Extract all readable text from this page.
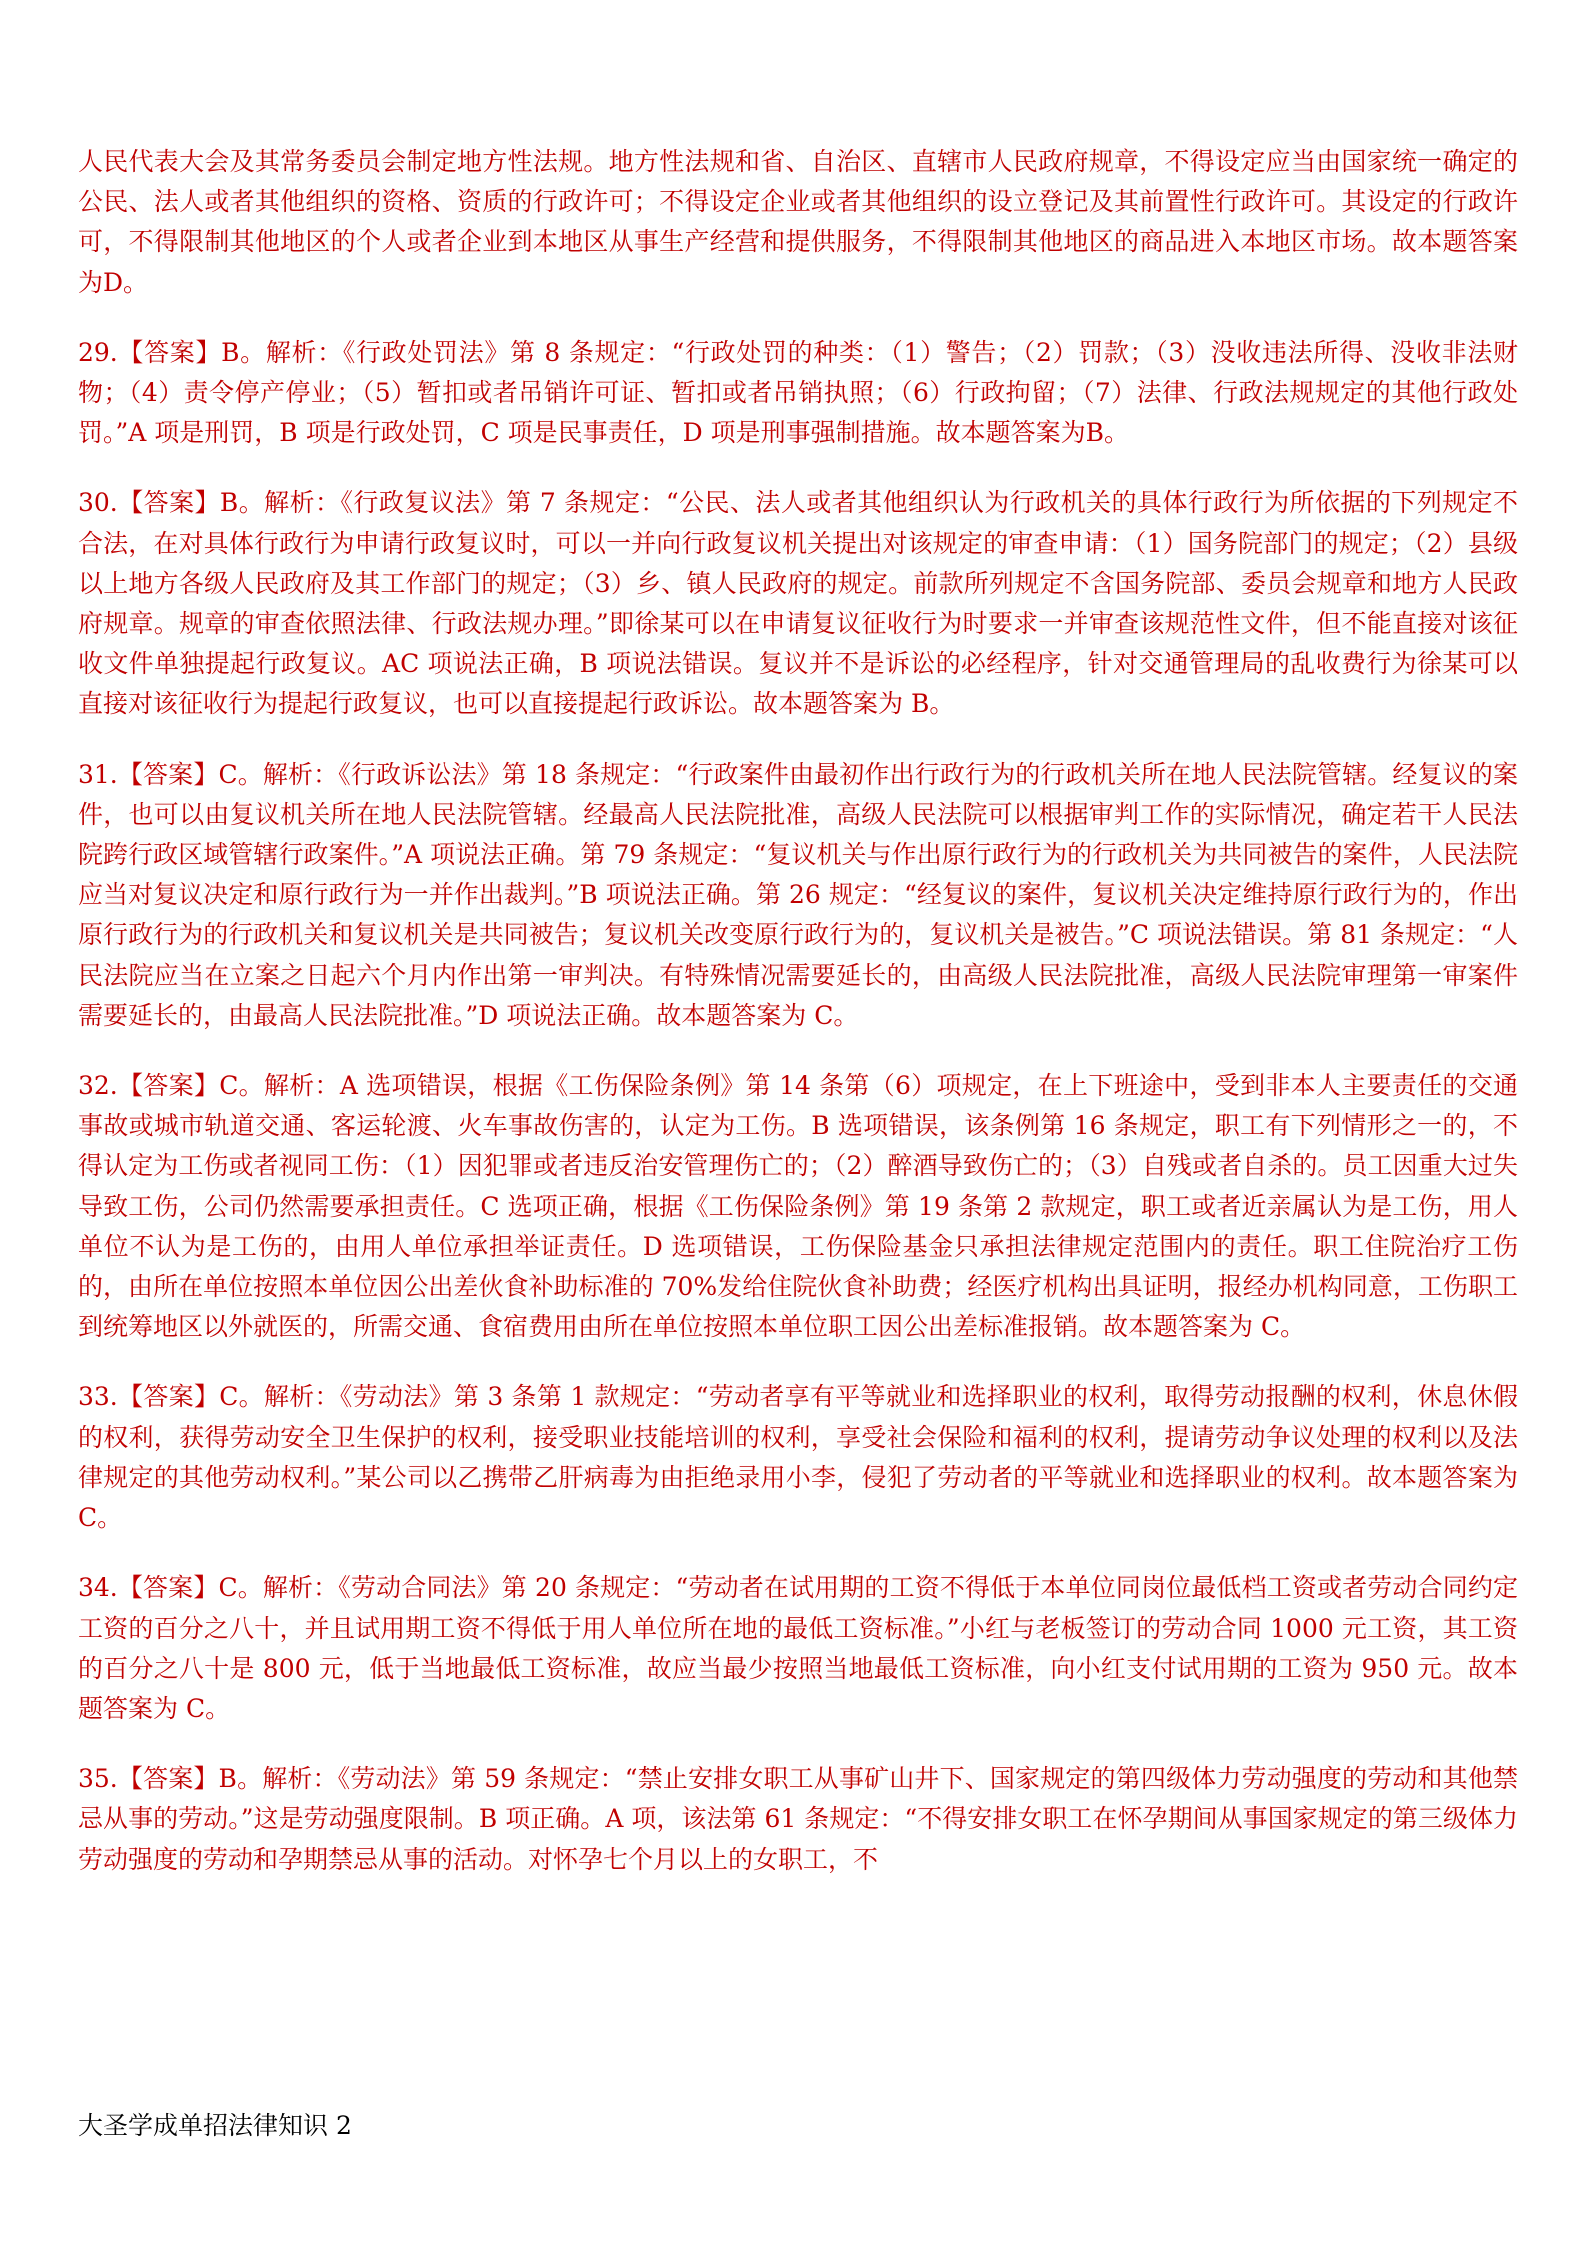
人民代表大会及其常务委员会制定地方性法规。地方性法规和省、自治区、直辖市人民政府规章，不得设定应当由国家统一确定的公民、法人或者其他组织的资格、资质的行政许可；不得设定企业或者其他组织的设立登记及其前置性行政许可。其设定的行政许可，不得限制其他地区的个人或者企业到本地区从事生产经营和提供服务，不得限制其他地区的商品进入本地区市场。故本题答案为D。

29.【答案】B。解析：《行政处罚法》第 8 条规定：“行政处罚的种类：（1）警告；（2）罚款；（3）没收违法所得、没收非法财物；（4）责令停产停业；（5）暂扣或者吊销许可证、暂扣或者吊销执照；（6）行政拘留；（7）法律、行政法规规定的其他行政处罚。”A 项是刑罚，B 项是行政处罚，C 项是民事责任，D 项是刑事强制措施。故本题答案为B。

30.【答案】B。解析：《行政复议法》第 7 条规定：“公民、法人或者其他组织认为行政机关的具体行政行为所依据的下列规定不合法，在对具体行政行为申请行政复议时，可以一并向行政复议机关提出对该规定的审查申请：（1）国务院部门的规定；（2）县级以上地方各级人民政府及其工作部门的规定；（3）乡、镇人民政府的规定。前款所列规定不含国务院部、委员会规章和地方人民政府规章。规章的审查依照法律、行政法规办理。”即徐某可以在申请复议征收行为时要求一并审查该规范性文件，但不能直接对该征收文件单独提起行政复议。AC 项说法正确，B 项说法错误。复议并不是诉讼的必经程序，针对交通管理局的乱收费行为徐某可以直接对该征收行为提起行政复议，也可以直接提起行政诉讼。故本题答案为 B。

31.【答案】C。解析：《行政诉讼法》第 18 条规定：“行政案件由最初作出行政行为的行政机关所在地人民法院管辖。经复议的案件，也可以由复议机关所在地人民法院管辖。经最高人民法院批准，高级人民法院可以根据审判工作的实际情况，确定若干人民法院跨行政区域管辖行政案件。”A 项说法正确。第 79 条规定：“复议机关与作出原行政行为的行政机关为共同被告的案件，人民法院应当对复议决定和原行政行为一并作出裁判。”B 项说法正确。第 26 规定：“经复议的案件，复议机关决定维持原行政行为的，作出原行政行为的行政机关和复议机关是共同被告；复议机关改变原行政行为的，复议机关是被告。”C 项说法错误。第 81 条规定：“人民法院应当在立案之日起六个月内作出第一审判决。有特殊情况需要延长的，由高级人民法院批准，高级人民法院审理第一审案件需要延长的，由最高人民法院批准。”D 项说法正确。故本题答案为 C。

32.【答案】C。解析：A 选项错误，根据《工伤保险条例》第 14 条第（6）项规定，在上下班途中，受到非本人主要责任的交通事故或城市轨道交通、客运轮渡、火车事故伤害的，认定为工伤。B 选项错误，该条例第 16 条规定，职工有下列情形之一的，不得认定为工伤或者视同工伤：（1）因犯罪或者违反治安管理伤亡的；（2）醉酒导致伤亡的；（3）自残或者自杀的。员工因重大过失导致工伤，公司仍然需要承担责任。C 选项正确，根据《工伤保险条例》第 19 条第 2 款规定，职工或者近亲属认为是工伤，用人单位不认为是工伤的，由用人单位承担举证责任。D 选项错误，工伤保险基金只承担法律规定范围内的责任。职工住院治疗工伤的，由所在单位按照本单位因公出差伙食补助标准的 70%发给住院伙食补助费；经医疗机构出具证明，报经办机构同意，工伤职工到统筹地区以外就医的，所需交通、食宿费用由所在单位按照本单位职工因公出差标准报销。故本题答案为 C。

33.【答案】C。解析：《劳动法》第 3 条第 1 款规定：“劳动者享有平等就业和选择职业的权利，取得劳动报酬的权利，休息休假的权利，获得劳动安全卫生保护的权利，接受职业技能培训的权利，享受社会保险和福利的权利，提请劳动争议处理的权利以及法律规定的其他劳动权利。”某公司以乙携带乙肝病毒为由拒绝录用小李，侵犯了劳动者的平等就业和选择职业的权利。故本题答案为C。

34.【答案】C。解析：《劳动合同法》第 20 条规定：“劳动者在试用期的工资不得低于本单位同岗位最低档工资或者劳动合同约定工资的百分之八十，并且试用期工资不得低于用人单位所在地的最低工资标准。”小红与老板签订的劳动合同 1000 元工资，其工资的百分之八十是 800 元，低于当地最低工资标准，故应当最少按照当地最低工资标准，向小红支付试用期的工资为 950 元。故本题答案为 C。

35.【答案】B。解析：《劳动法》第 59 条规定：“禁止安排女职工从事矿山井下、国家规定的第四级体力劳动强度的劳动和其他禁忌从事的劳动。”这是劳动强度限制。B 项正确。A 项，该法第 61 条规定：“不得安排女职工在怀孕期间从事国家规定的第三级体力劳动强度的劳动和孕期禁忌从事的活动。对怀孕七个月以上的女职工，不

大圣学成单招法律知识 2
